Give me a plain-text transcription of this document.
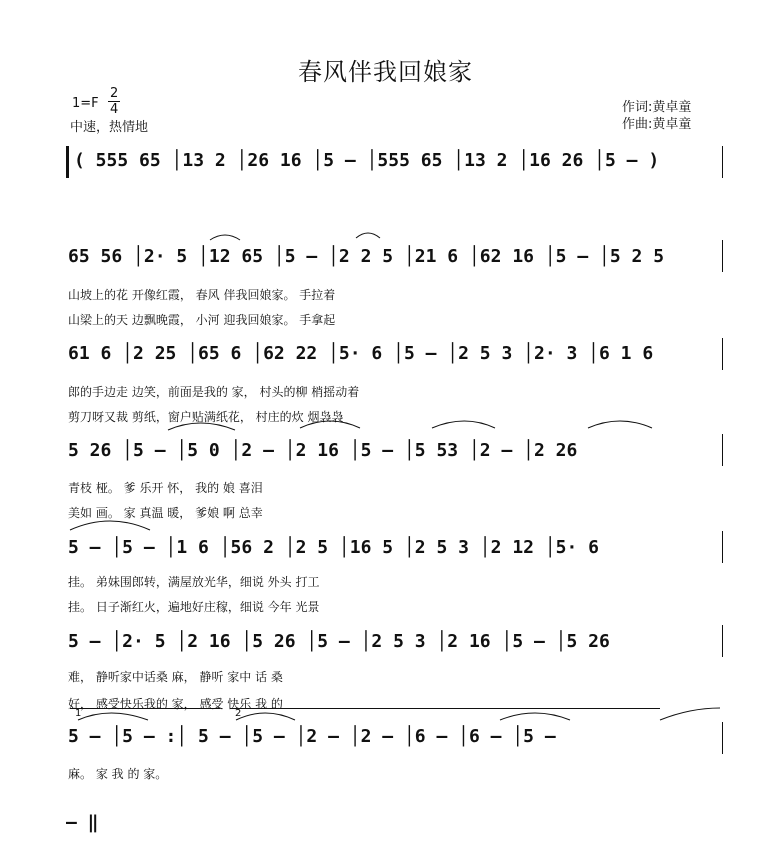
春风伴我回娘家
1=F
2
4
中速，热情地
作词:黄卓童
作曲:黄卓童
( 555 65 │13 2 │26 16 │5 – │555 65 │13 2 │16 26 │5 – )
65 56 │2· 5 │12 65 │5 – │2 2 5 │21 6 │62 16 │5 – │5 2 5
山坡上的花 开像红霞， 春风 伴我回娘家。 手拉着
山梁上的天 边飘晚霞， 小河 迎我回娘家。 手拿起
61 6 │2 25 │65 6 │62 22 │5· 6 │5 – │2 5 3 │2· 3 │6 1 6
郎的手边走 边笑，前面是我的 家， 村头的柳 梢摇动着
剪刀呀又裁 剪纸，窗户贴满纸花， 村庄的炊 烟袅袅
5 26 │5 – │5 0 │2 – │2 16 │5 – │5 53 │2 – │2 26
青枝 桠。 爹 乐开 怀， 我的 娘 喜泪
美如 画。 家 真温 暖， 爹娘 啊 总幸
5 – │5 – │1 6 │56 2 │2 5 │16 5 │2 5 3 │2 12 │5· 6
挂。 弟妹围郎转，满屋放光华，细说 外头 打工
挂。 日子渐红火，遍地好庄稼，细说 今年 光景
5 – │2· 5 │2 16 │5 26 │5 – │2 5 3 │2 16 │5 – │5 26
难， 静听家中话桑 麻， 静听 家中 话 桑
好， 感受快乐我的 家， 感受 快乐 我 的
1	2
5 – │5 – :│ 5 – │5 – │2 – │2 – │6 – │6 – │5 –
麻。 家 我 的 家。
– ‖
